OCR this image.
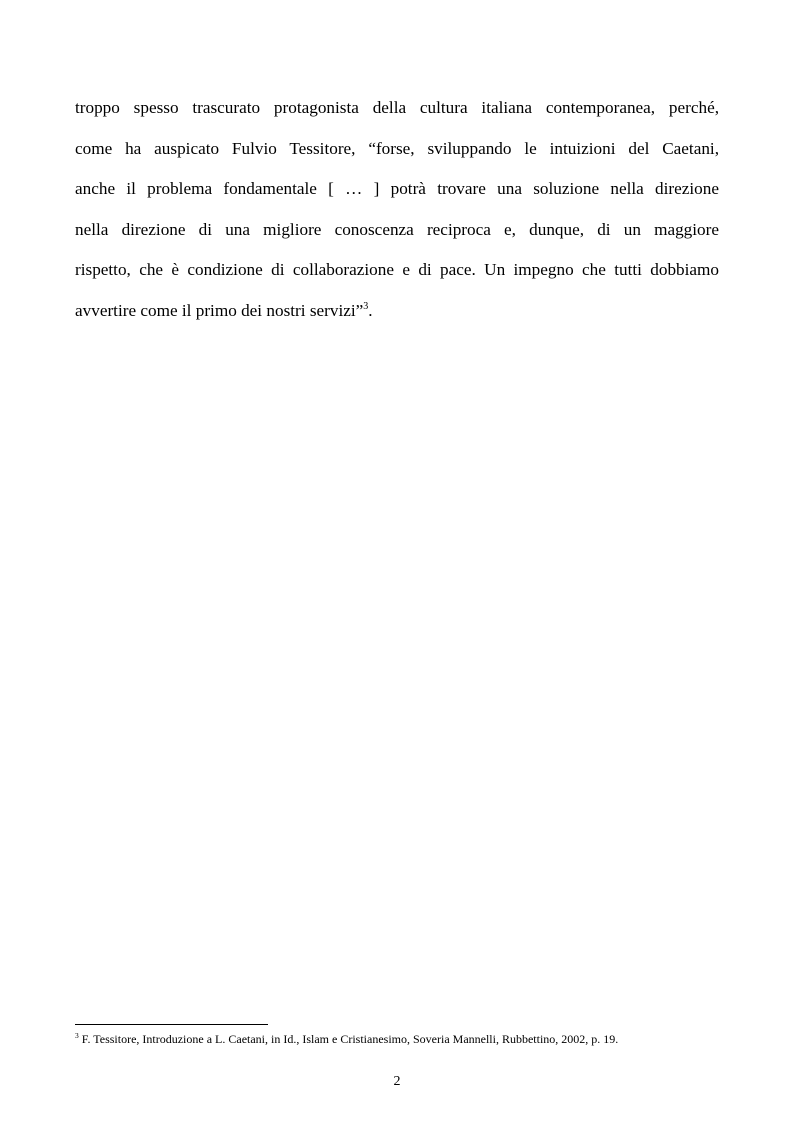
troppo spesso trascurato protagonista della cultura italiana contemporanea, perché,
come ha auspicato Fulvio Tessitore, “forse, sviluppando le intuizioni del Caetani,
anche il problema fondamentale [ … ] potrà trovare una soluzione nella direzione
nella direzione di una migliore conoscenza reciproca e, dunque, di un maggiore
rispetto, che è condizione di collaborazione e di pace. Un impegno che tutti dobbiamo
avvertire come il primo dei nostri servizi”$^3$.
$^3$ F. Tessitore, Introduzione a L. Caetani, in Id., Islam e Cristianesimo, Soveria Mannelli, Rubbettino, 2002, p. 19.
2
